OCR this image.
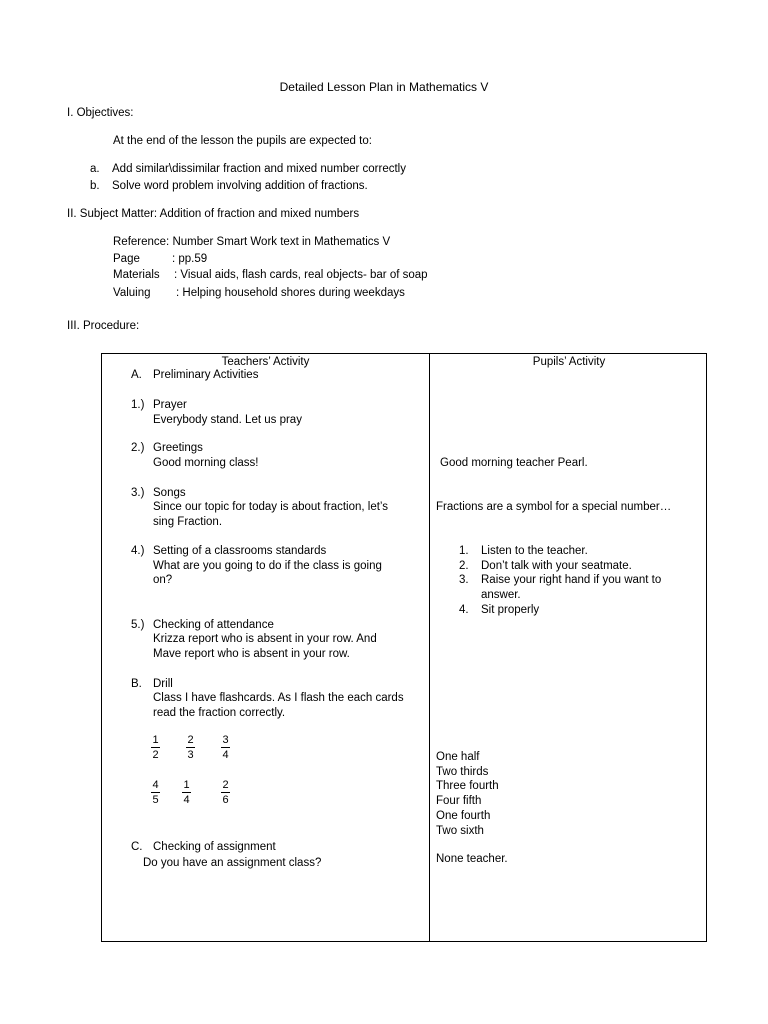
Detailed Lesson Plan in Mathematics V
I. Objectives:
At the end of the lesson the pupils are expected to:
a. Add similar\dissimilar fraction and mixed number correctly
b. Solve word problem involving addition of fractions.
II. Subject Matter: Addition of fraction and mixed numbers
Reference: Number Smart Work text in Mathematics V
Page	: pp.59
Materials : Visual aids, flash cards, real objects- bar of soap
Valuing : Helping household shores during weekdays
III. Procedure:
Teachers’ Activity	Pupils’ Activity
A. Preliminary Activities
1.) Prayer
Everybody stand. Let us pray
2.) Greetings
Good morning class!
3.) Songs
Since our topic for today is about fraction, let’s
sing Fraction.
4.) Setting of a classrooms standards
What are you going to do if the class is going
on?
5.) Checking of attendance
Krizza report who is absent in your row. And
Mave report who is absent in your row.
B. Drill
Class I have flashcards. As I flash the each cards
read the fraction correctly.
1
2
2
3
3
4
4
5
1
4
2
6
C. Checking of assignment
Do you have an assignment class?
Good morning teacher Pearl.
Fractions are a symbol for a special number…
1. Listen to the teacher.
2. Don’t talk with your seatmate.
3. Raise your right hand if you want to
answer.
4. Sit properly
One half
Two thirds
Three fourth
Four fifth
One fourth
Two sixth
None teacher.
